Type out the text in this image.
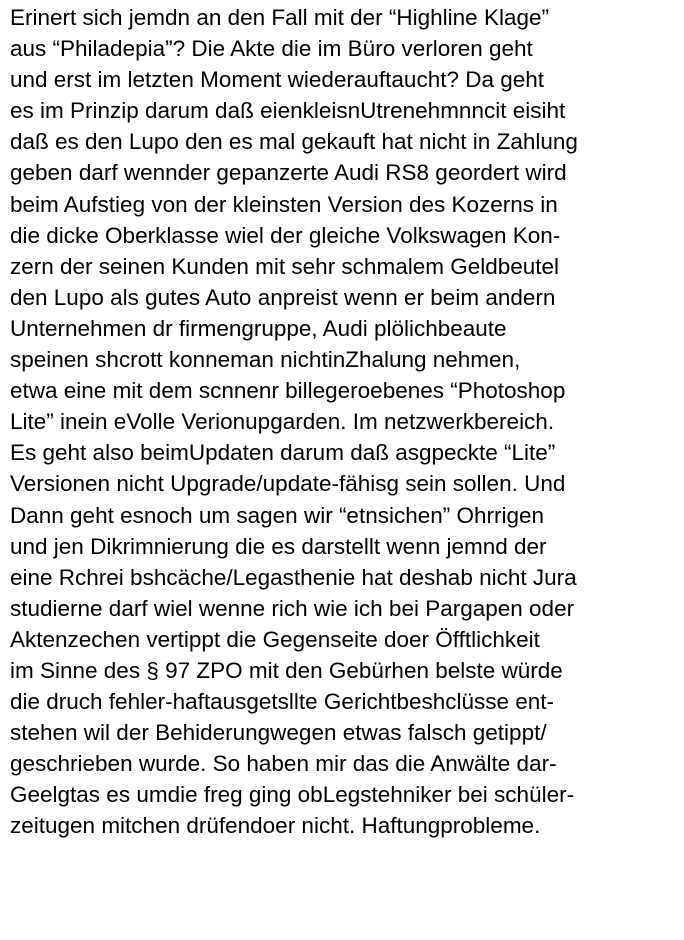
Erinert sich jemdn an den Fall mit der “Highline Klage”
aus “Philadepia”? Die Akte die im Büro verloren geht
und erst im letzten Moment wiederauftaucht? Da geht
es im Prinzip darum daß eienkleisnUtrenehmnncit eisiht
daß es den Lupo den es mal gekauft hat nicht in Zahlung
geben darf wennder gepanzerte Audi RS8 geordert wird
beim Aufstieg von der kleinsten Version des Kozerns in
die dicke Oberklasse wiel der gleiche Volkswagen Kon-
zern der seinen Kunden mit sehr schmalem Geldbeutel
den Lupo als gutes Auto anpreist wenn er beim andern
Unternehmen dr firmengruppe, Audi plölichbeaute
speinen shcrott konneman nichtinZhalung nehmen,
etwa eine mit dem scnnenr billegeroebenes “Photoshop
Lite” inein eVolle Verionupgarden. Im netzwerkbereich.
Es geht also beimUpdaten darum daß asgpeckte “Lite”
Versionen nicht Upgrade/update-fähisg sein sollen. Und
Dann geht esnoch um sagen wir “etnsichen” Ohrrigen
und jen Dikrimnierung die es darstellt wenn jemnd der
eine Rchrei bshcäche/Legasthenie hat deshab nicht Jura
studierne darf wiel wenne rich wie ich bei Pargapen oder
Aktenzechen vertippt die Gegenseite doer Öfftlichkeit
im Sinne des § 97 ZPO mit den Gebürhen belste würde
die druch fehler-haftausgetsllte Gerichtbeshclüsse ent-
stehen wil der Behiderungwegen etwas falsch getippt/
geschrieben wurde. So haben mir das die Anwälte dar-
Geelgtas es umdie freg ging obLegstehniker bei schüler-
zeitugen mitchen drüfendoer nicht. Haftungprobleme.
